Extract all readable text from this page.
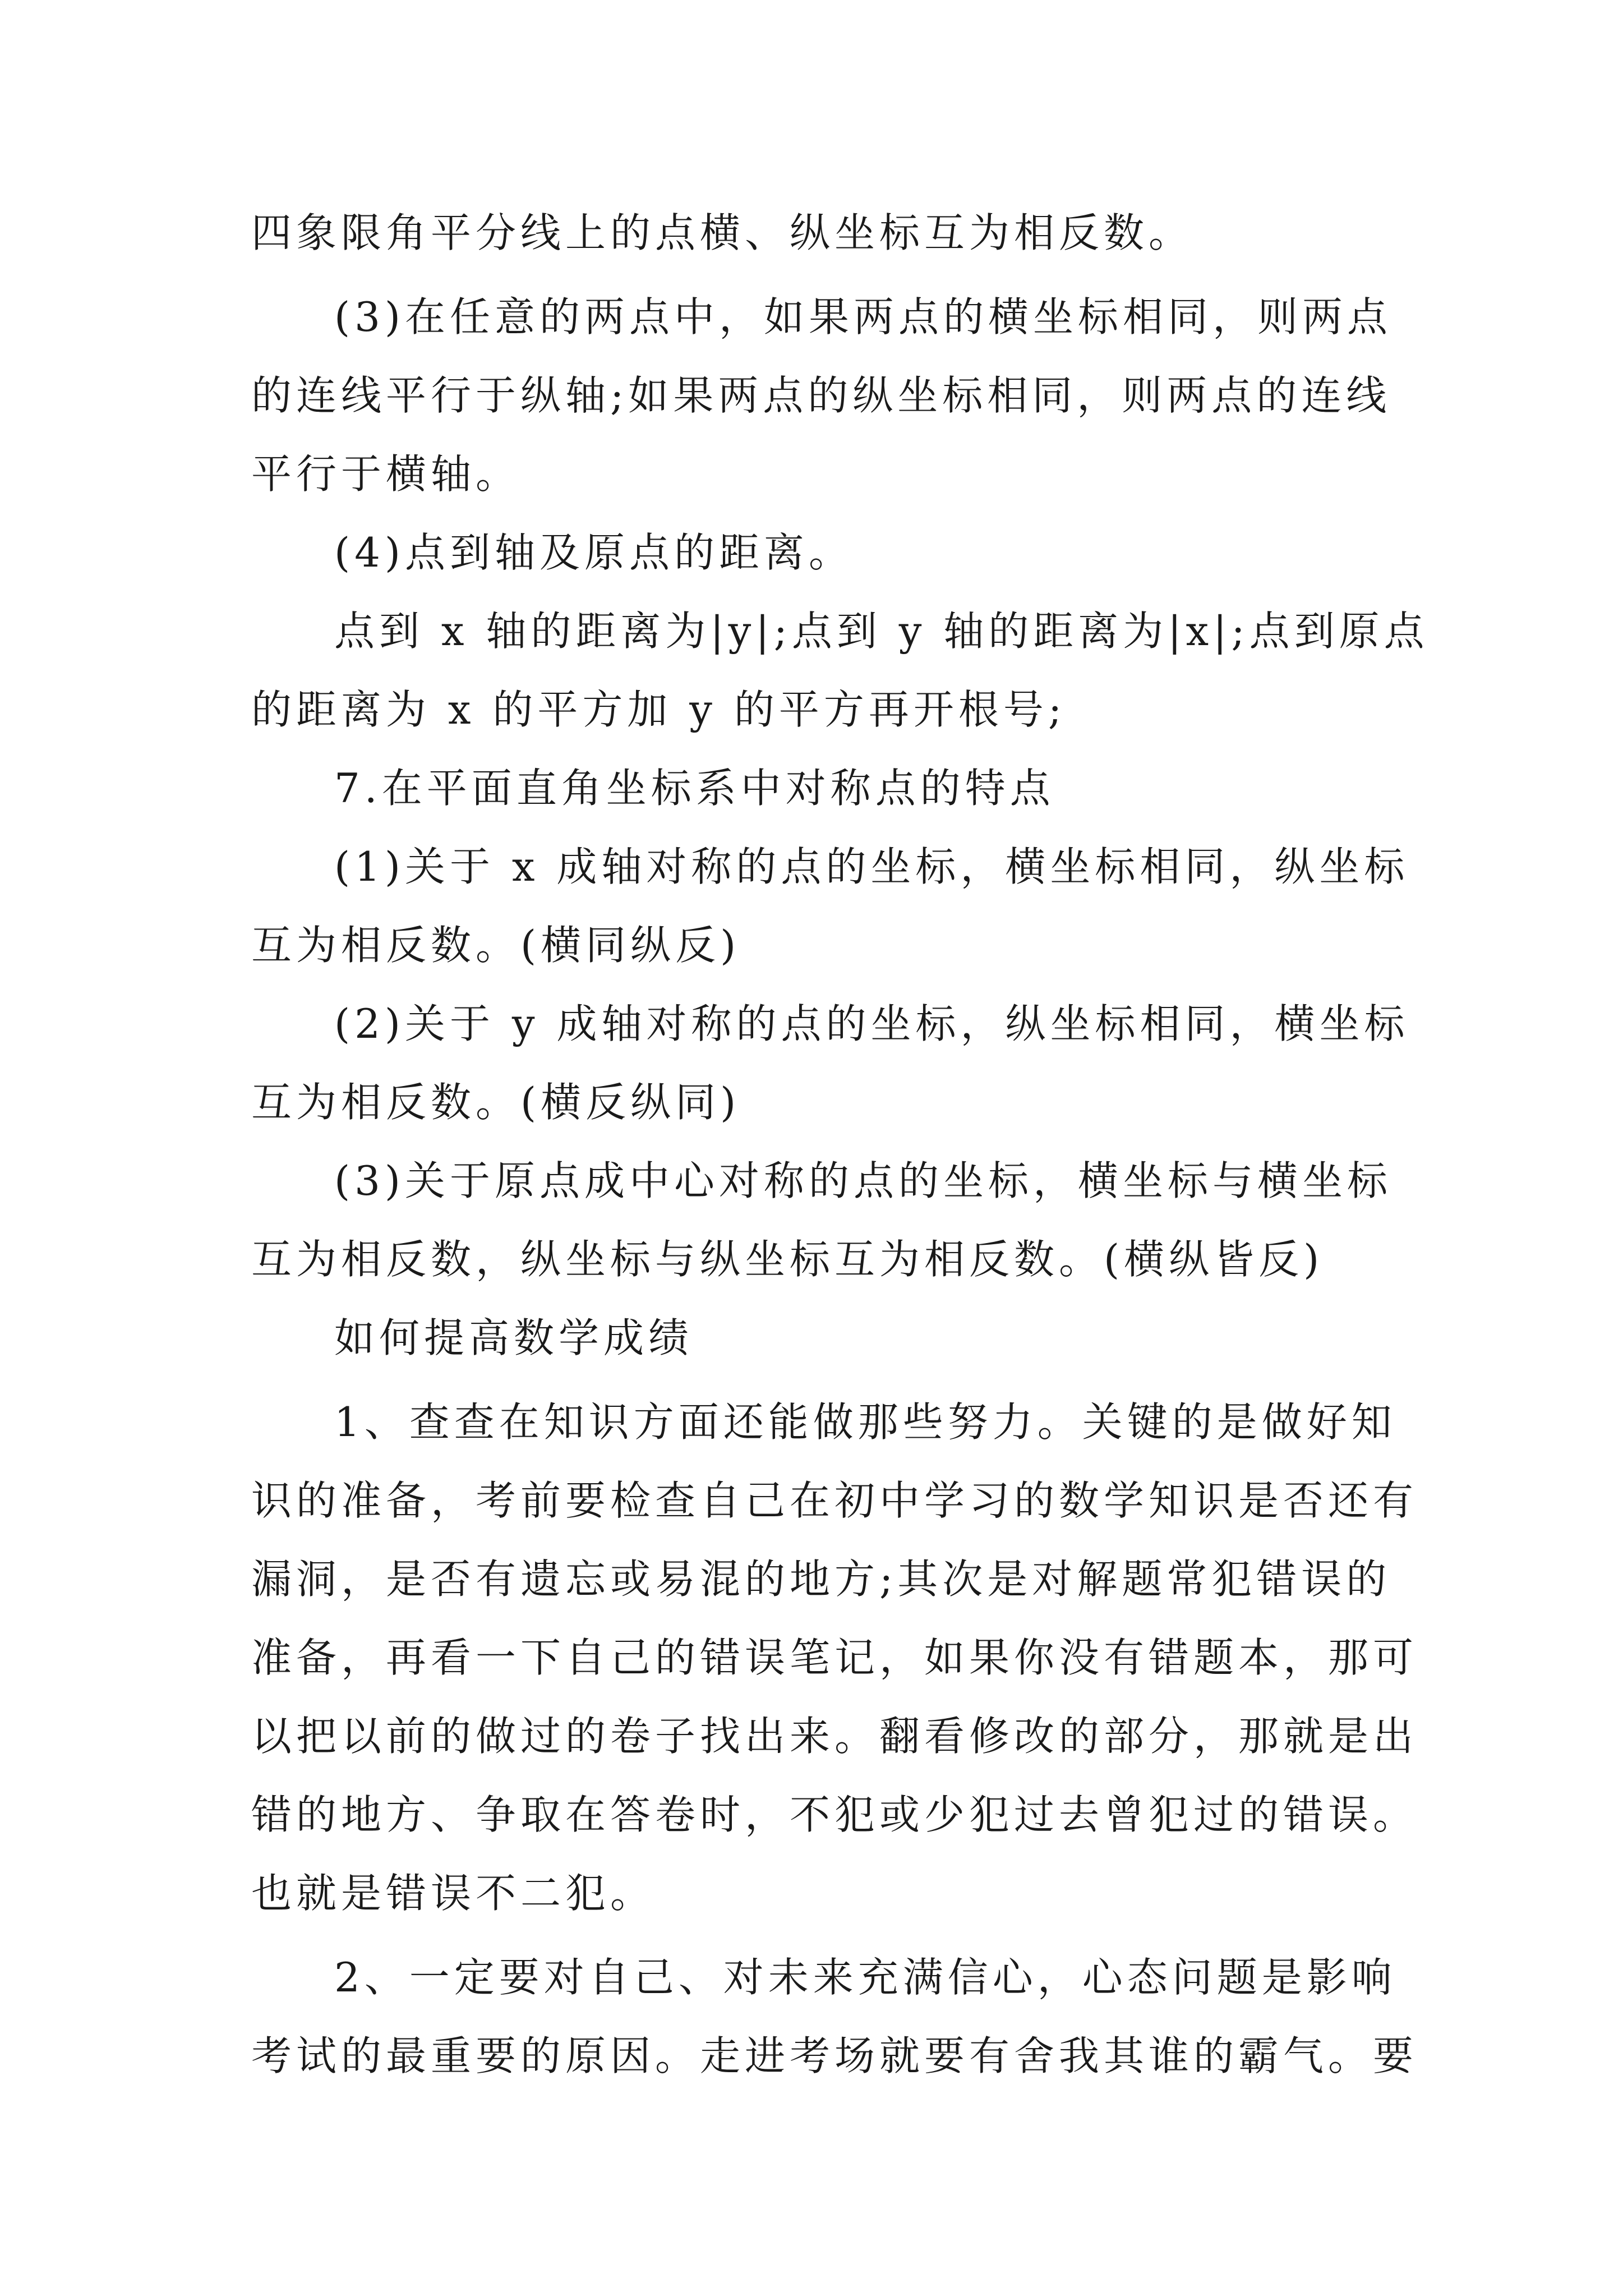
四象限角平分线上的点横、纵坐标互为相反数。
(3)在任意的两点中，如果两点的横坐标相同，则两点
的连线平行于纵轴;如果两点的纵坐标相同，则两点的连线
平行于横轴。
(4)点到轴及原点的距离。
点到 x 轴的距离为|y|;点到 y 轴的距离为|x|;点到原点
的距离为 x 的平方加 y 的平方再开根号;
7.在平面直角坐标系中对称点的特点
(1)关于 x 成轴对称的点的坐标，横坐标相同，纵坐标
互为相反数。(横同纵反)
(2)关于 y 成轴对称的点的坐标，纵坐标相同，横坐标
互为相反数。(横反纵同)
(3)关于原点成中心对称的点的坐标，横坐标与横坐标
互为相反数，纵坐标与纵坐标互为相反数。(横纵皆反)
如何提高数学成绩
1、查查在知识方面还能做那些努力。关键的是做好知
识的准备，考前要检查自己在初中学习的数学知识是否还有
漏洞，是否有遗忘或易混的地方;其次是对解题常犯错误的
准备，再看一下自己的错误笔记，如果你没有错题本，那可
以把以前的做过的卷子找出来。翻看修改的部分，那就是出
错的地方、争取在答卷时，不犯或少犯过去曾犯过的错误。
也就是错误不二犯。
2、一定要对自己、对未来充满信心，心态问题是影响
考试的最重要的原因。走进考场就要有舍我其谁的霸气。要
